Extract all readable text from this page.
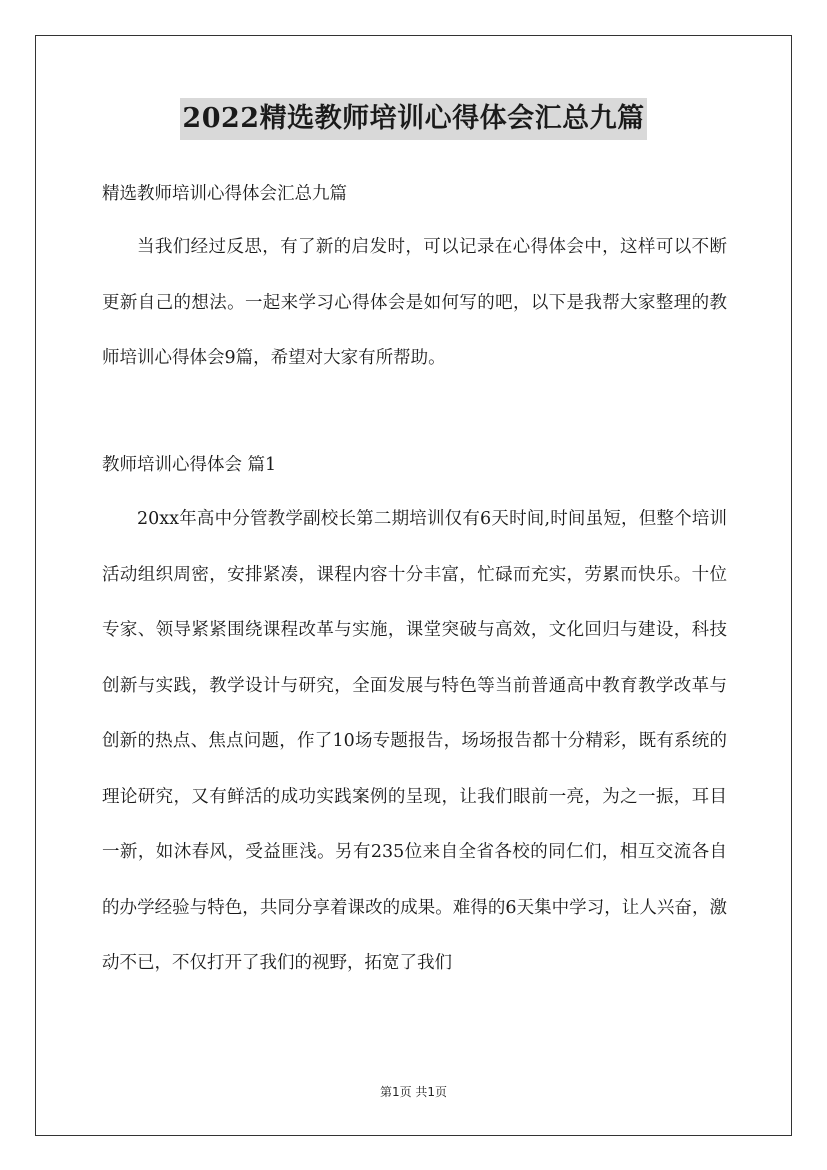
2022精选教师培训心得体会汇总九篇
精选教师培训心得体会汇总九篇

当我们经过反思，有了新的启发时，可以记录在心得体会中，这样可以不断更新自己的想法。一起来学习心得体会是如何写的吧，以下是我帮大家整理的教师培训心得体会9篇，希望对大家有所帮助。

教师培训心得体会 篇1

20xx年高中分管教学副校长第二期培训仅有6天时间,时间虽短，但整个培训活动组织周密，安排紧凑，课程内容十分丰富，忙碌而充实，劳累而快乐。十位专家、领导紧紧围绕课程改革与实施，课堂突破与高效，文化回归与建设，科技创新与实践，教学设计与研究，全面发展与特色等当前普通高中教育教学改革与创新的热点、焦点问题，作了10场专题报告，场场报告都十分精彩，既有系统的理论研究，又有鲜活的成功实践案例的呈现，让我们眼前一亮，为之一振，耳目一新，如沐春风，受益匪浅。另有235位来自全省各校的同仁们，相互交流各自的办学经验与特色，共同分享着课改的成果。难得的6天集中学习，让人兴奋，激动不已，不仅打开了我们的视野，拓宽了我们

第1页 共1页
